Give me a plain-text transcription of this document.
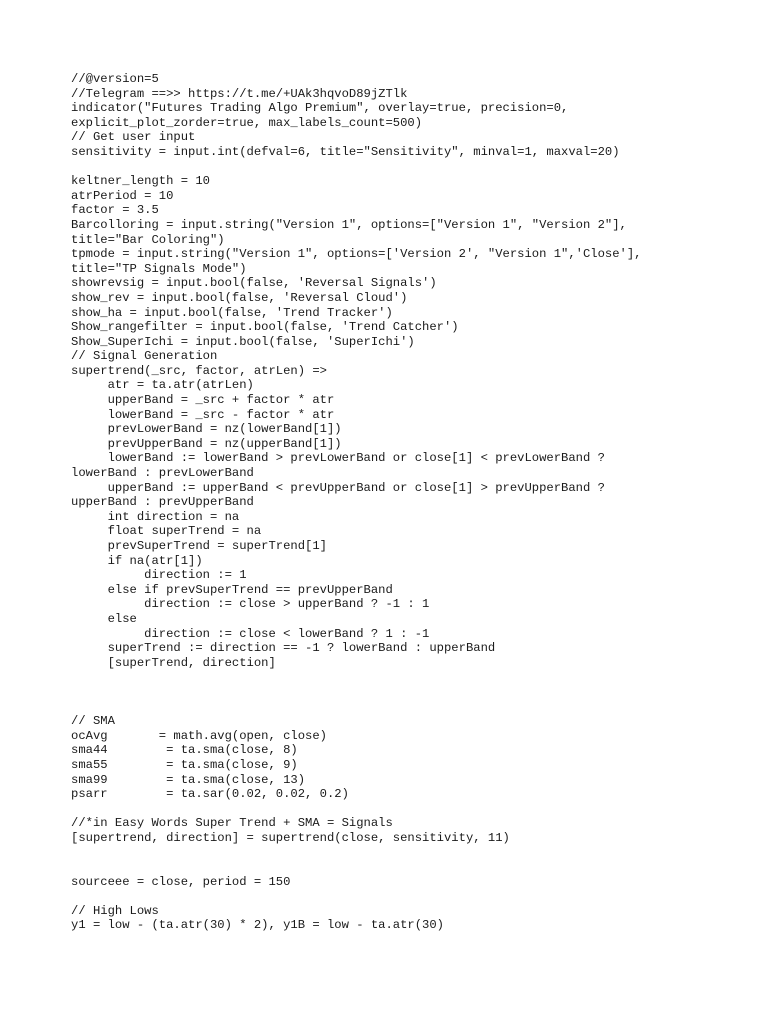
//@version=5
//Telegram ==>> https://t.me/+UAk3hqvoD89jZTlk
indicator("Futures Trading Algo Premium", overlay=true, precision=0,
explicit_plot_zorder=true, max_labels_count=500)
// Get user input
sensitivity = input.int(defval=6, title="Sensitivity", minval=1, maxval=20)

keltner_length = 10
atrPeriod = 10
factor = 3.5
Barcolloring = input.string("Version 1", options=["Version 1", "Version 2"],
title="Bar Coloring")
tpmode = input.string("Version 1", options=['Version 2', "Version 1",'Close'],
title="TP Signals Mode")
showrevsig = input.bool(false, 'Reversal Signals')
show_rev = input.bool(false, 'Reversal Cloud')
show_ha = input.bool(false, 'Trend Tracker')
Show_rangefilter = input.bool(false, 'Trend Catcher')
Show_SuperIchi = input.bool(false, 'SuperIchi')
// Signal Generation
supertrend(_src, factor, atrLen) =>
atr = ta.atr(atrLen)
upperBand = _src + factor * atr
lowerBand = _src - factor * atr
prevLowerBand = nz(lowerBand[1])
prevUpperBand = nz(upperBand[1])
lowerBand := lowerBand > prevLowerBand or close[1] < prevLowerBand ?
lowerBand : prevLowerBand
upperBand := upperBand < prevUpperBand or close[1] > prevUpperBand ?
upperBand : prevUpperBand
int direction = na
float superTrend = na
prevSuperTrend = superTrend[1]
if na(atr[1])
direction := 1
else if prevSuperTrend == prevUpperBand
direction := close > upperBand ? -1 : 1
else
direction := close < lowerBand ? 1 : -1
superTrend := direction == -1 ? lowerBand : upperBand
[superTrend, direction]

// SMA
ocAvg       = math.avg(open, close)
sma44        = ta.sma(close, 8)
sma55        = ta.sma(close, 9)
sma99        = ta.sma(close, 13)
psarr        = ta.sar(0.02, 0.02, 0.2)

//*in Easy Words Super Trend + SMA = Signals
[supertrend, direction] = supertrend(close, sensitivity, 11)

sourceee = close, period = 150

// High Lows
y1 = low - (ta.atr(30) * 2), y1B = low - ta.atr(30)
